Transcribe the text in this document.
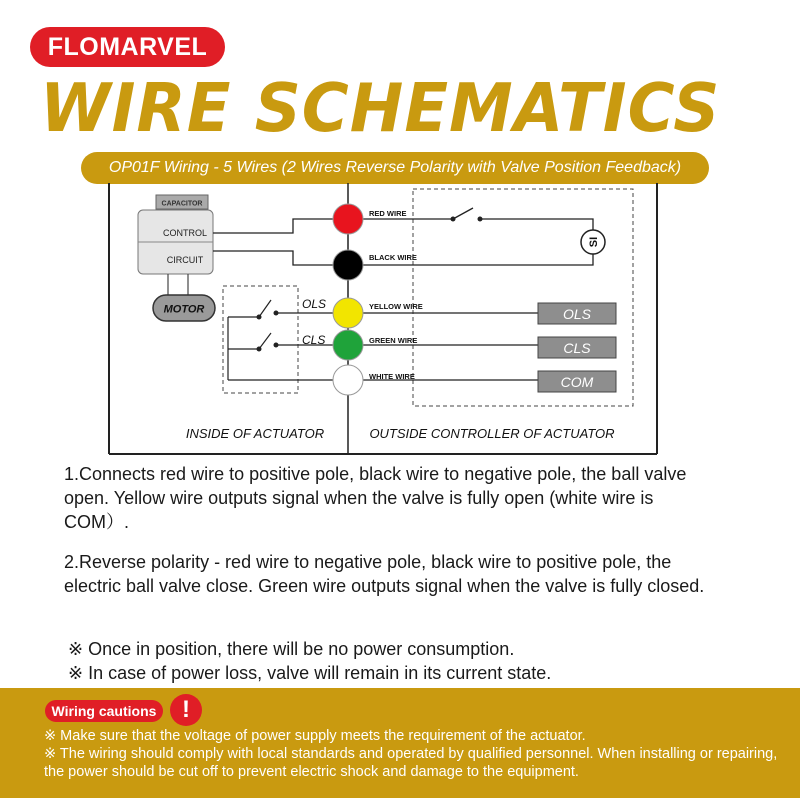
FLOMARVEL
WIRE SCHEMATICS
OP01F Wiring - 5 Wires (2 Wires Reverse Polarity with Valve Position Feedback)
CAPACITOR
CONTROL
CIRCUIT
MOTOR	OLS
CLS
SI
OLS
CLS
COM
RED WIRE
BLACK WIRE
YELLOW WIRE
GREEN WIRE
WHITE WIRE
INSIDE OF ACTUATOR	OUTSIDE CONTROLLER OF ACTUATOR
1.Connects red wire to positive pole, black wire to negative pole, the ball valve open. Yellow wire outputs signal when the valve is fully open (white wire is COM）.
2.Reverse polarity - red wire to negative pole, black wire to positive pole, the electric ball valve close. Green wire outputs signal when the valve is fully closed.
※ Once in position, there will be no power consumption.
※ In case of power loss, valve will remain in its current state.
Wiring cautions	!
※ Make sure that the voltage of power supply meets the requirement of the actuator.
※ The wiring should comply with local standards and operated by qualified personnel. When installing or repairing, the power should be cut off to prevent electric shock and damage to the equipment.
